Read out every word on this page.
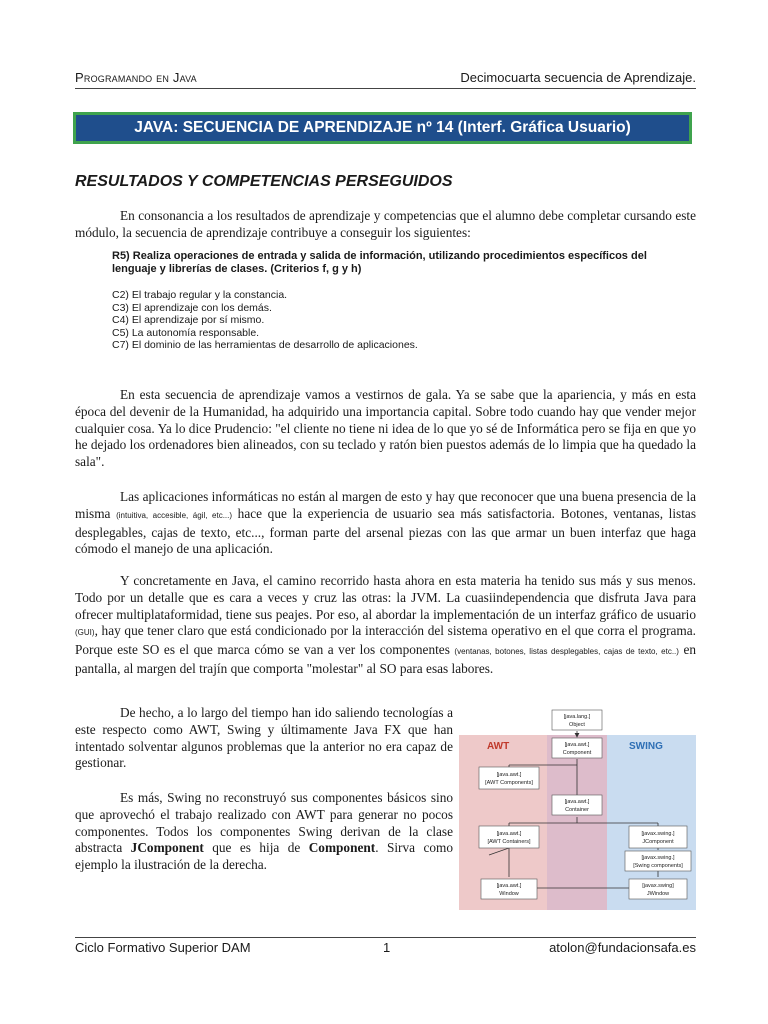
Programando en Java	Decimocuarta secuencia de Aprendizaje.
JAVA: SECUENCIA DE APRENDIZAJE nº 14 (Interf. Gráfica Usuario)
RESULTADOS Y COMPETENCIAS PERSEGUIDOS

En consonancia a los resultados de aprendizaje y competencias que el alumno debe completar cursando este módulo, la secuencia de aprendizaje contribuye a conseguir los siguientes:

R5) Realiza operaciones de entrada y salida de información, utilizando procedimientos específicos del lenguaje y librerías de clases. (Criterios f, g y h)
C2) El trabajo regular y la constancia.
C3) El aprendizaje con los demás.
C4) El aprendizaje por sí mismo.
C5) La autonomía responsable.
C7) El dominio de las herramientas de desarrollo de aplicaciones.

En esta secuencia de aprendizaje vamos a vestirnos de gala. Ya se sabe que la apariencia, y más en esta época del devenir de la Humanidad, ha adquirido una importancia capital. Sobre todo cuando hay que vender mejor cualquier cosa. Ya lo dice Prudencio: "el cliente no tiene ni idea de lo que yo sé de Informática pero se fija en que yo he dejado los ordenadores bien alineados, con su teclado y ratón bien puestos además de lo limpia que ha quedado la sala".

Las aplicaciones informáticas no están al margen de esto y hay que reconocer que una buena presencia de la misma (intuitiva, accesible, ágil, etc...) hace que la experiencia de usuario sea más satisfactoria. Botones, ventanas, listas desplegables, cajas de texto, etc..., forman parte del arsenal piezas con las que armar un buen interfaz que haga cómodo el manejo de una aplicación.

Y concretamente en Java, el camino recorrido hasta ahora en esta materia ha tenido sus más y sus menos. Todo por un detalle que es cara a veces y cruz las otras: la JVM. La cuasiindependencia que disfruta Java para ofrecer multiplataformidad, tiene sus peajes. Por eso, al abordar la implementación de un interfaz gráfico de usuario (GUI), hay que tener claro que está condicionado por la interacción del sistema operativo en el que corra el programa. Porque este SO es el que marca cómo se van a ver los componentes (ventanas, botones, listas desplegables, cajas de texto, etc..) en pantalla, al margen del trajín que comporta "molestar" al SO para esas labores.

De hecho, a lo largo del tiempo han ido saliendo tecnologías a este respecto como AWT, Swing y últimamente Java FX que han intentado solventar algunos problemas que la anterior no era capaz de gestionar.

Es más, Swing no reconstruyó sus componentes básicos sino que aprovechó el trabajo realizado con AWT para generar no pocos componentes. Todos los componentes Swing derivan de la clase abstracta JComponent que es hija de Component. Sirva como ejemplo la ilustración de la derecha.

AWT	SWING
[java.lang.]
Object
[java.awt.]
Component
[java.awt.]
[AWT Components]
[java.awt.]
Container
[java.awt.]
[AWT Containers]
[javax.swing.]
JComponent
[javax.swing.]
[Swing components]
[java.awt.]
Window
[javax.swing]
JWindow
Ciclo Formativo Superior DAM	1	atolon@fundacionsafa.es
